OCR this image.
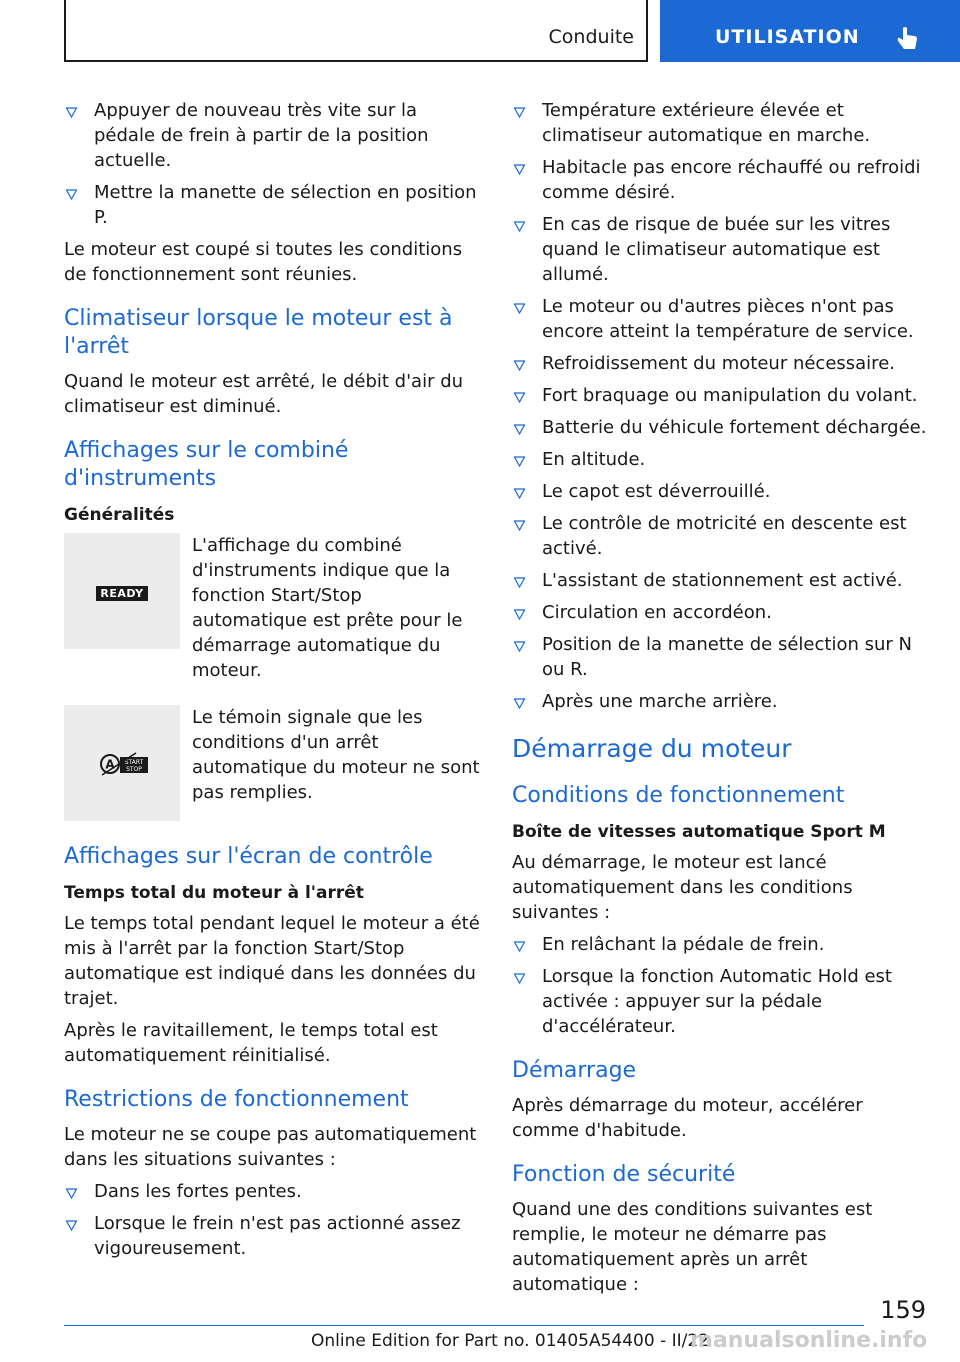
Conduite	UTILISATION
Appuyer de nouveau très vite sur la pédale de frein à partir de la position actuelle.
Mettre la manette de sélection en position P.

Le moteur est coupé si toutes les conditions de fonctionnement sont réunies.

Climatiseur lorsque le moteur est à l'arrêt

Quand le moteur est arrêté, le débit d'air du climatiseur est diminué.

Affichages sur le combiné d'instruments
Généralités
READY
L'affichage du combiné d'instruments indique que la fonction Start/Stop automatique est prête pour le démarrage automatique du moteur.
A START
STOP
Le témoin signale que les conditions d'un arrêt automatique du moteur ne sont pas remplies.
Affichages sur l'écran de contrôle
Temps total du moteur à l'arrêt

Le temps total pendant lequel le moteur a été mis à l'arrêt par la fonction Start/Stop automatique est indiqué dans les données du trajet.

Après le ravitaillement, le temps total est automatiquement réinitialisé.

Restrictions de fonctionnement

Le moteur ne se coupe pas automatiquement dans les situations suivantes :

Dans les fortes pentes.
Lorsque le frein n'est pas actionné assez vigoureusement.
Température extérieure élevée et climatiseur automatique en marche.
Habitacle pas encore réchauffé ou refroidi comme désiré.
En cas de risque de buée sur les vitres quand le climatiseur automatique est allumé.
Le moteur ou d'autres pièces n'ont pas encore atteint la température de service.
Refroidissement du moteur nécessaire.
Fort braquage ou manipulation du volant.
Batterie du véhicule fortement déchargée.
En altitude.
Le capot est déverrouillé.
Le contrôle de motricité en descente est activé.
L'assistant de stationnement est activé.
Circulation en accordéon.
Position de la manette de sélection sur N ou R.
Après une marche arrière.
Démarrage du moteur
Conditions de fonctionnement
Boîte de vitesses automatique Sport M

Au démarrage, le moteur est lancé automatiquement dans les conditions suivantes :

En relâchant la pédale de frein.
Lorsque la fonction Automatic Hold est activée : appuyer sur la pédale d'accélérateur.
Démarrage

Après démarrage du moteur, accélérer comme d'habitude.

Fonction de sécurité

Quand une des conditions suivantes est remplie, le moteur ne démarre pas automatiquement après un arrêt automatique :

159
Online Edition for Part no. 01405A54400 - II/22
manualsonline.info
